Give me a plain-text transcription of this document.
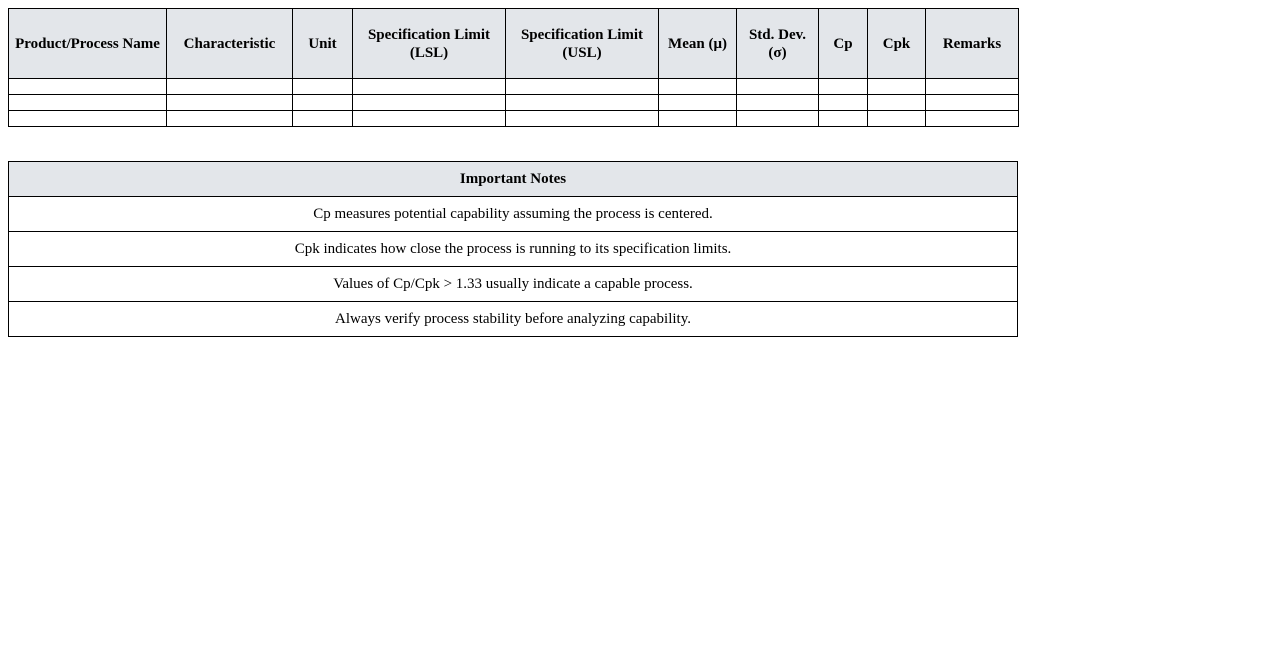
Product/Process Name	Characteristic	Unit	Specification Limit (LSL)	Specification Limit (USL)	Mean (μ)	Std. Dev. (σ)	Cp	Cpk	Remarks

Important Notes
Cp measures potential capability assuming the process is centered.
Cpk indicates how close the process is running to its specification limits.
Values of Cp/Cpk > 1.33 usually indicate a capable process.
Always verify process stability before analyzing capability.
